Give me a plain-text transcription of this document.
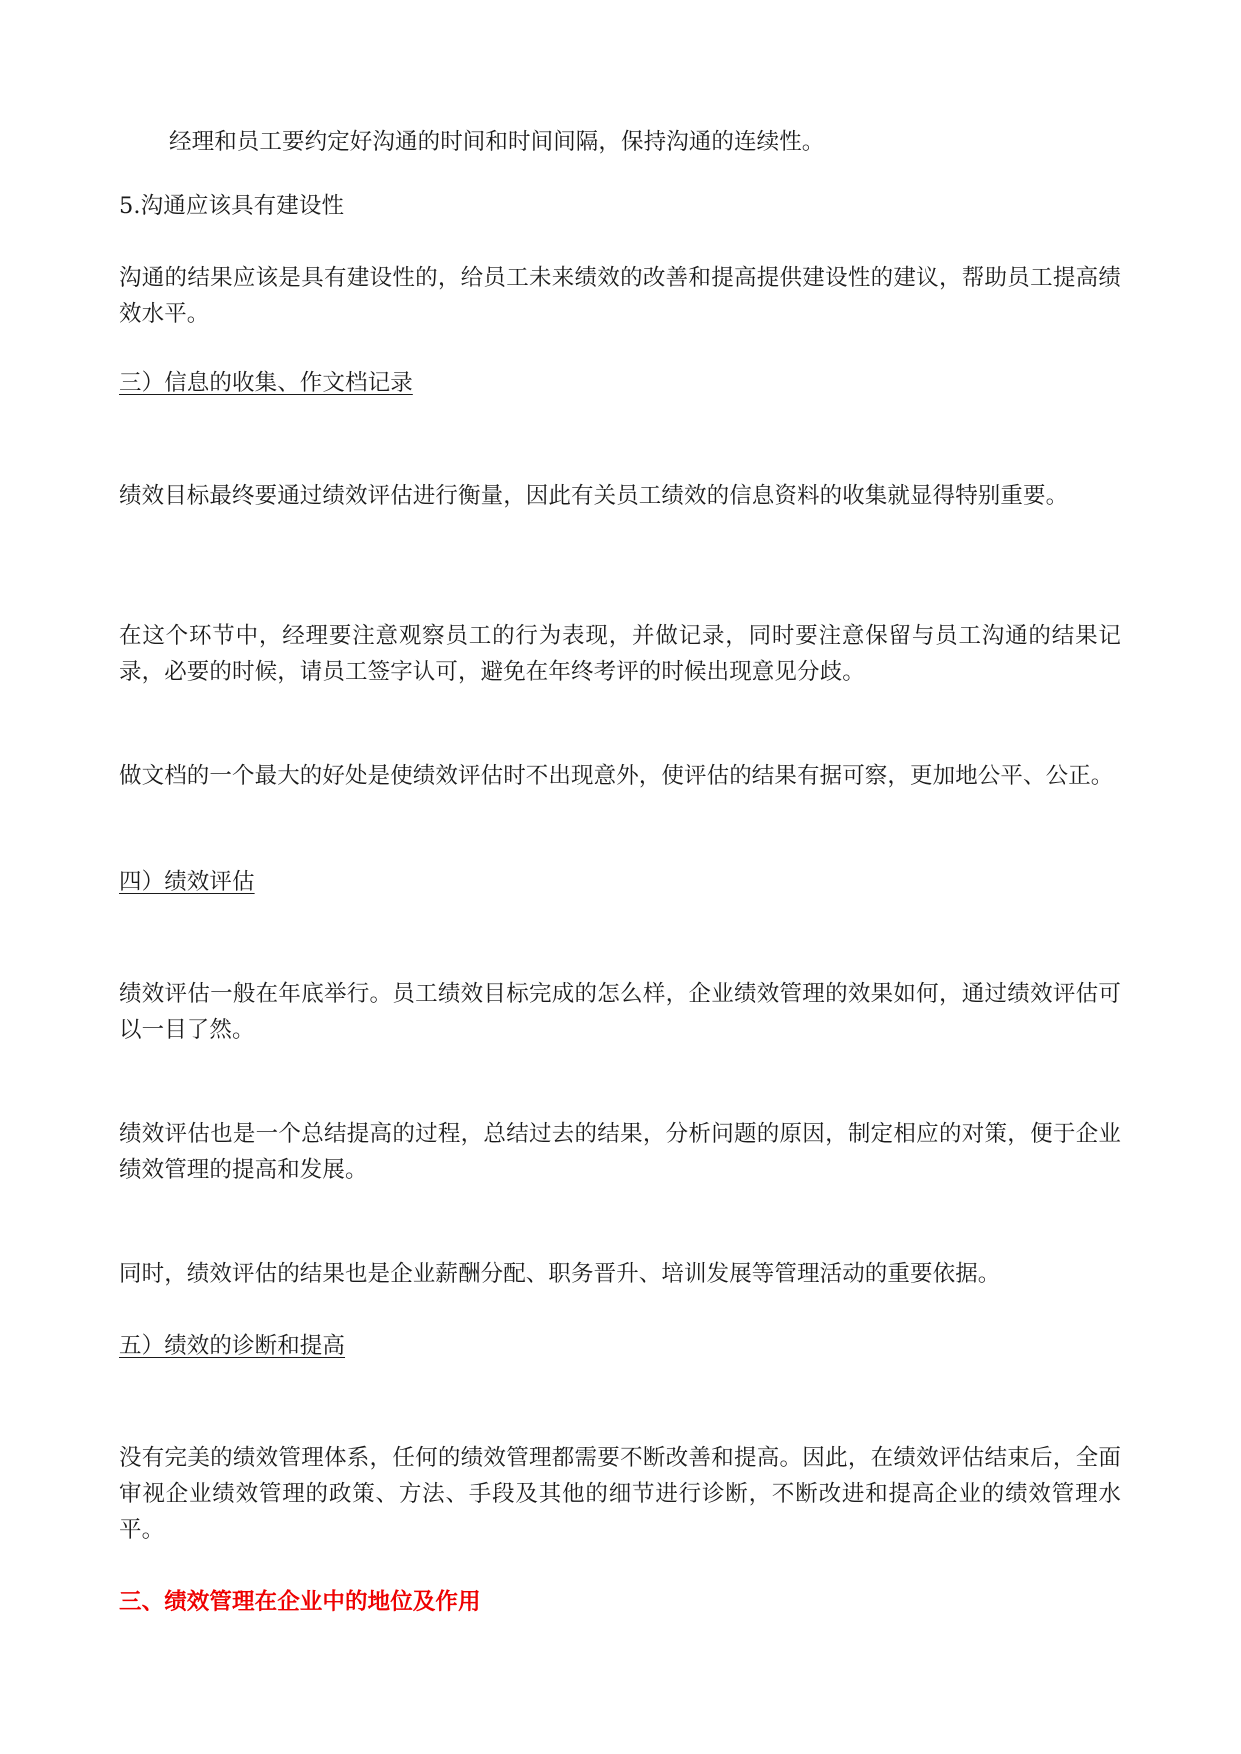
经理和员工要约定好沟通的时间和时间间隔，保持沟通的连续性。
5.沟通应该具有建设性
沟通的结果应该是具有建设性的，给员工未来绩效的改善和提高提供建设性的建议，帮助员工提高绩效水平。
三）信息的收集、作文档记录
绩效目标最终要通过绩效评估进行衡量，因此有关员工绩效的信息资料的收集就显得特别重要。
在这个环节中，经理要注意观察员工的行为表现，并做记录，同时要注意保留与员工沟通的结果记录，必要的时候，请员工签字认可，避免在年终考评的时候出现意见分歧。
做文档的一个最大的好处是使绩效评估时不出现意外，使评估的结果有据可察，更加地公平、公正。
四）绩效评估
绩效评估一般在年底举行。员工绩效目标完成的怎么样，企业绩效管理的效果如何，通过绩效评估可以一目了然。
绩效评估也是一个总结提高的过程，总结过去的结果，分析问题的原因，制定相应的对策，便于企业绩效管理的提高和发展。
同时，绩效评估的结果也是企业薪酬分配、职务晋升、培训发展等管理活动的重要依据。
五）绩效的诊断和提高
没有完美的绩效管理体系，任何的绩效管理都需要不断改善和提高。因此，在绩效评估结束后，全面审视企业绩效管理的政策、方法、手段及其他的细节进行诊断，不断改进和提高企业的绩效管理水平。
三、绩效管理在企业中的地位及作用
